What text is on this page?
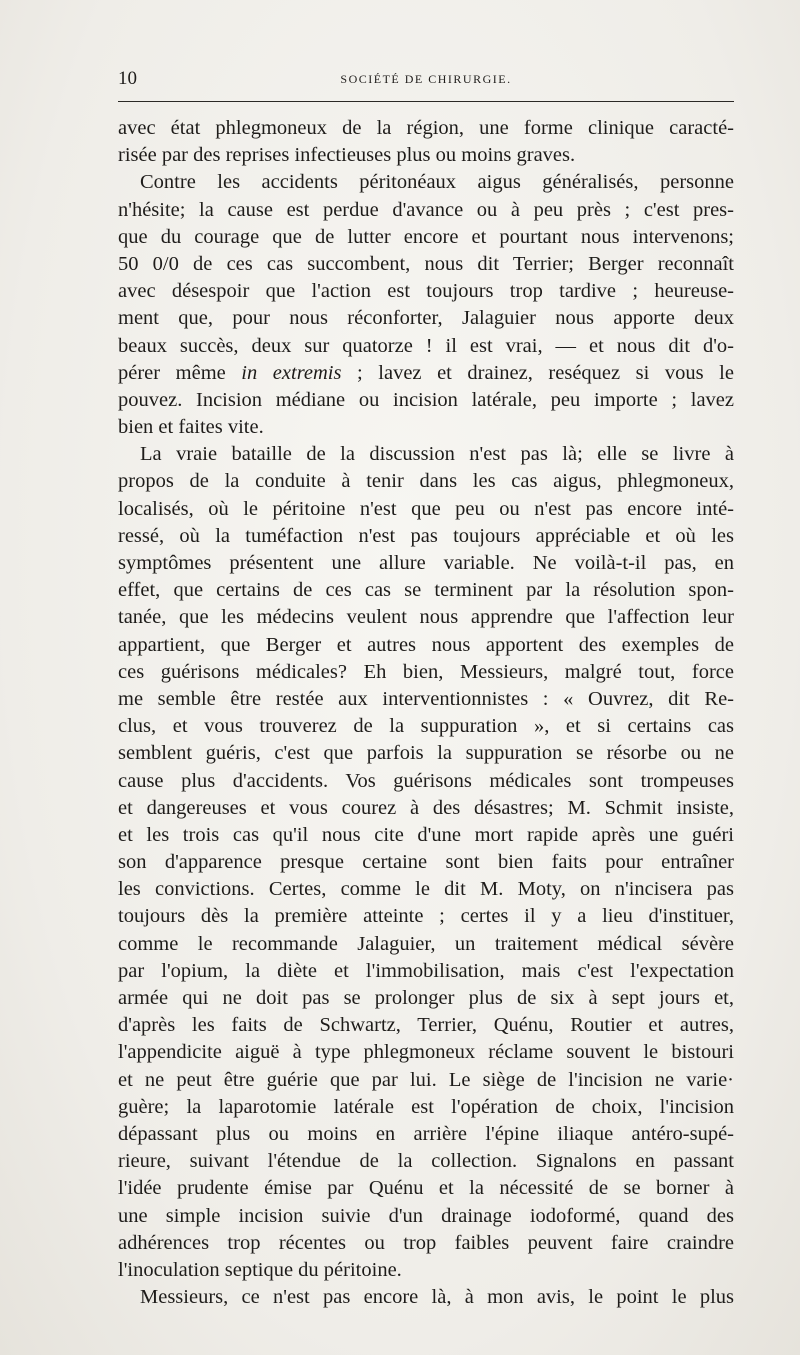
10	SOCIÉTÉ DE CHIRURGIE.
avec état phlegmoneux de la région, une forme clinique caracté-
risée par des reprises infectieuses plus ou moins graves.
Contre les accidents péritonéaux aigus généralisés, personne
n'hésite; la cause est perdue d'avance ou à peu près ; c'est pres-
que du courage que de lutter encore et pourtant nous intervenons;
50 0/0 de ces cas succombent, nous dit Terrier; Berger reconnaît
avec désespoir que l'action est toujours trop tardive ; heureuse-
ment que, pour nous réconforter, Jalaguier nous apporte deux
beaux succès, deux sur quatorze ! il est vrai, — et nous dit d'o-
pérer même in extremis ; lavez et drainez, reséquez si vous le
pouvez. Incision médiane ou incision latérale, peu importe ; lavez
bien et faites vite.
La vraie bataille de la discussion n'est pas là; elle se livre à
propos de la conduite à tenir dans les cas aigus, phlegmoneux,
localisés, où le péritoine n'est que peu ou n'est pas encore inté-
ressé, où la tuméfaction n'est pas toujours appréciable et où les
symptômes présentent une allure variable. Ne voilà-t-il pas, en
effet, que certains de ces cas se terminent par la résolution spon-
tanée, que les médecins veulent nous apprendre que l'affection leur
appartient, que Berger et autres nous apportent des exemples de
ces guérisons médicales? Eh bien, Messieurs, malgré tout, force
me semble être restée aux interventionnistes : « Ouvrez, dit Re-
clus, et vous trouverez de la suppuration », et si certains cas
semblent guéris, c'est que parfois la suppuration se résorbe ou ne
cause plus d'accidents. Vos guérisons médicales sont trompeuses
et dangereuses et vous courez à des désastres; M. Schmit insiste,
et les trois cas qu'il nous cite d'une mort rapide après une guéri
son d'apparence presque certaine sont bien faits pour entraîner
les convictions. Certes, comme le dit M. Moty, on n'incisera pas
toujours dès la première atteinte ; certes il y a lieu d'instituer,
comme le recommande Jalaguier, un traitement médical sévère
par l'opium, la diète et l'immobilisation, mais c'est l'expectation
armée qui ne doit pas se prolonger plus de six à sept jours et,
d'après les faits de Schwartz, Terrier, Quénu, Routier et autres,
l'appendicite aiguë à type phlegmoneux réclame souvent le bistouri
et ne peut être guérie que par lui. Le siège de l'incision ne varie·
guère; la laparotomie latérale est l'opération de choix, l'incision
dépassant plus ou moins en arrière l'épine iliaque antéro-supé-
rieure, suivant l'étendue de la collection. Signalons en passant
l'idée prudente émise par Quénu et la nécessité de se borner à
une simple incision suivie d'un drainage iodoformé, quand des
adhérences trop récentes ou trop faibles peuvent faire craindre
l'inoculation septique du péritoine.
Messieurs, ce n'est pas encore là, à mon avis, le point le plus
